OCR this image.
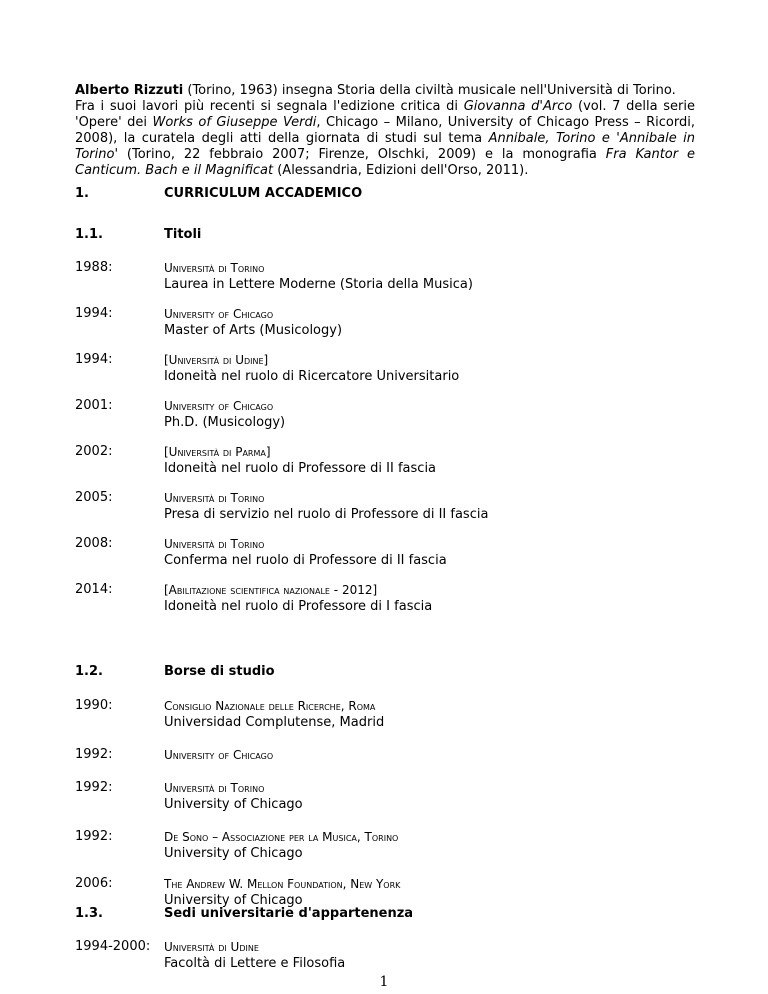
Alberto Rizzuti (Torino, 1963) insegna Storia della civiltà musicale nell'Università di Torino.
Fra i suoi lavori più recenti si segnala l'edizione critica di Giovanna d'Arco (vol. 7 della serie 'Opere' dei Works of Giuseppe Verdi, Chicago – Milano, University of Chicago Press – Ricordi, 2008), la curatela degli atti della giornata di studi sul tema Annibale, Torino e 'Annibale in Torino' (Torino, 22 febbraio 2007; Firenze, Olschki, 2009) e la monografia Fra Kantor e Canticum. Bach e il Magnificat (Alessandria, Edizioni dell'Orso, 2011).
1.	CURRICULUM ACCADEMICO
1.1.	Titoli
1988:	Università di Torino
Laurea in Lettere Moderne (Storia della Musica)
1994:	University of Chicago
Master of Arts (Musicology)
1994:	[Università di Udine]
Idoneità nel ruolo di Ricercatore Universitario
2001:	University of Chicago
Ph.D. (Musicology)
2002:	[Università di Parma]
Idoneità nel ruolo di Professore di II fascia
2005:	Università di Torino
Presa di servizio nel ruolo di Professore di II fascia
2008:	Università di Torino
Conferma nel ruolo di Professore di II fascia
2014:	[Abilitazione scientifica nazionale - 2012]
Idoneità nel ruolo di Professore di I fascia
1.2.	Borse di studio
1990:	Consiglio Nazionale delle Ricerche, Roma
Universidad Complutense, Madrid
1992:	University of Chicago
1992:	Università di Torino
University of Chicago
1992:	De Sono – Associazione per la Musica, Torino
University of Chicago
2006:	The Andrew W. Mellon Foundation, New York
University of Chicago
1.3.	Sedi universitarie d'appartenenza
1
1994-2000: Università di Udine
Facoltà di Lettere e Filosofia
